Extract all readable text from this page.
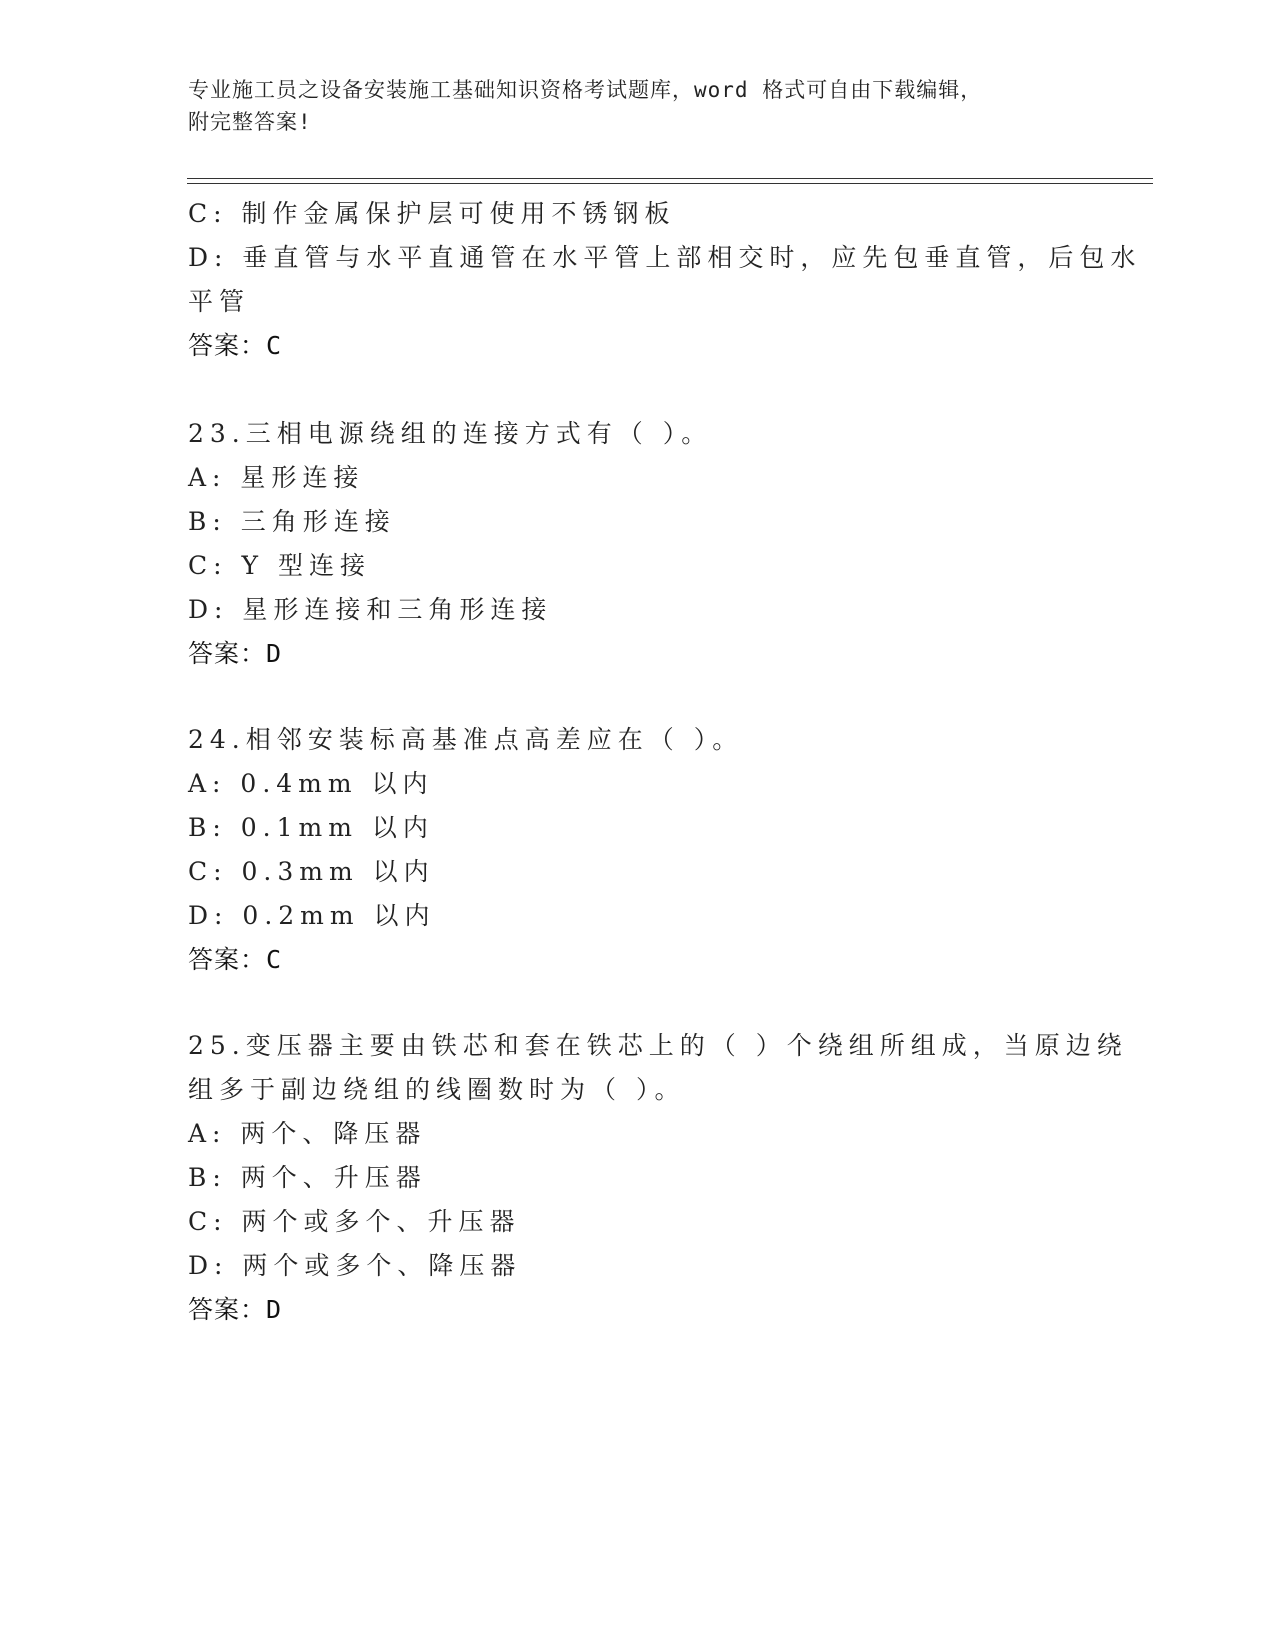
专业施工员之设备安装施工基础知识资格考试题库，word 格式可自由下载编辑，
附完整答案!
C: 制作金属保护层可使用不锈钢板
D: 垂直管与水平直通管在水平管上部相交时，应先包垂直管，后包水
平管
答案：C
23.三相电源绕组的连接方式有（ ）。
A: 星形连接
B: 三角形连接
C: Y 型连接
D: 星形连接和三角形连接
答案：D
24.相邻安装标高基准点高差应在（ ）。
A: 0.4mm 以内
B: 0.1mm 以内
C: 0.3mm 以内
D: 0.2mm 以内
答案：C
25.变压器主要由铁芯和套在铁芯上的（ ）个绕组所组成，当原边绕
组多于副边绕组的线圈数时为（ ）。
A: 两个、降压器
B: 两个、升压器
C: 两个或多个、升压器
D: 两个或多个、降压器
答案：D
